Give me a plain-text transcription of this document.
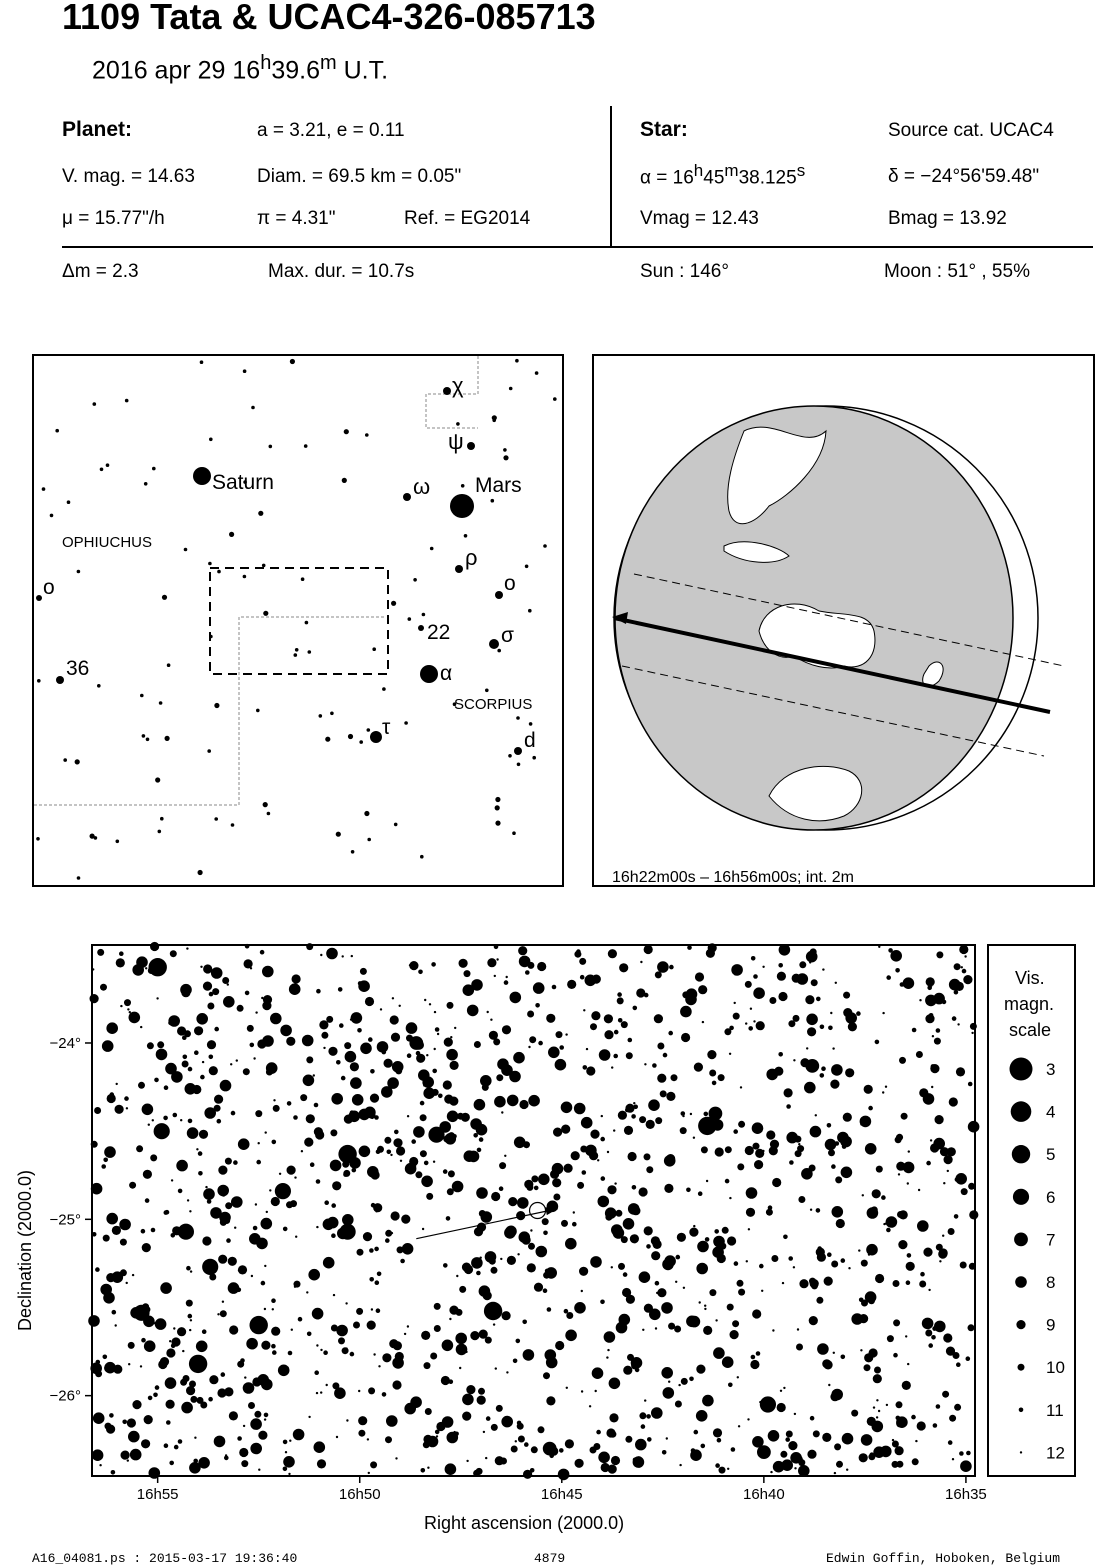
1109 Tata & UCAC4-326-085713
2016 apr 29 16$^h$39.6$^m$ U.T.
Planet:	a = 3.21, e = 0.11
V. mag. = 14.63	Diam. = 69.5 km = 0.05"
μ = 15.77"/h	π = 4.31"	Ref. = EG2014
Star:	Source cat. UCAC4
$\alpha = 16^h45^m38.125^s$	δ = −24°56'59.48"
Vmag = 12.43	Bmag = 13.92
Δm = 2.3	Max. dur. = 10.7s	Sun : 146°	Moon : 51° , 55%
Saturn	Mars
OPHIUCHUS
SCORPIUS
χ
ψ
ω
ρ
o	o
22 σ
36	α
τ
d
16h22m00s – 16h56m00s; int. 2m
16h55	16h50	16h45	16h40	16h35
−24°
−25°
−26°
Declination (2000.0)
Right ascension (2000.0)
Vis.
magn.
scale
3
4
5
6
7
8
9
10
11
12
A16_04081.ps : 2015-03-17 19:36:40	4879	Edwin Goffin, Hoboken, Belgium
